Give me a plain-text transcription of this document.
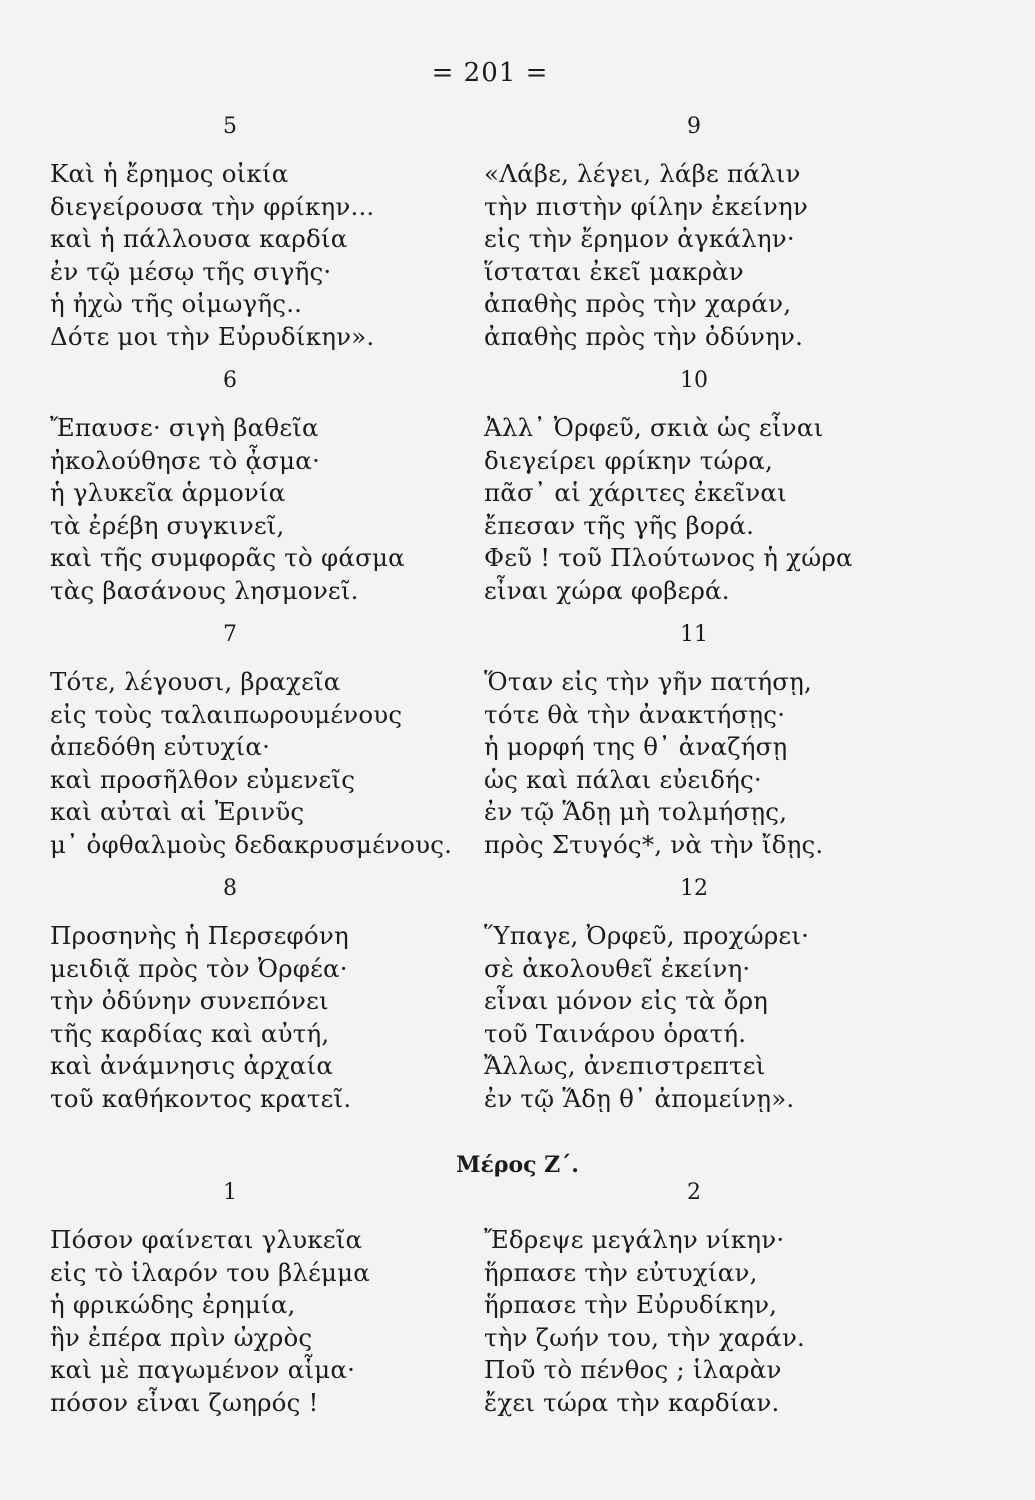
= 201 =
5
Καὶ ἡ ἔρημος οἰκία
διεγείρουσα τὴν φρίκην...
καὶ ἡ πάλλουσα καρδία
ἐν τῷ μέσῳ τῆς σιγῆς·
ἡ ἠχὼ τῆς οἰμωγῆς..
Δότε μοι τὴν Εὐρυδίκην».
9
«Λάβε, λέγει, λάβε πάλιν
τὴν πιστὴν φίλην ἐκείνην
εἰς τὴν ἔρημον ἀγκάλην·
ἵσταται ἐκεῖ μακρὰν
ἀπαθὴς πρὸς τὴν χαράν,
ἀπαθὴς πρὸς τὴν ὀδύνην.
6
Ἔπαυσε· σιγὴ βαθεῖα
ἠκολούθησε τὸ ᾆσμα·
ἡ γλυκεῖα ἁρμονία
τὰ ἐρέβη συγκινεῖ,
καὶ τῆς συμφορᾶς τὸ φάσμα
τὰς βασάνους λησμονεῖ.
10
Ἀλλ᾽ Ὀρφεῦ, σκιὰ ὡς εἶναι
διεγείρει φρίκην τώρα,
πᾶσ᾽ αἱ χάριτες ἐκεῖναι
ἔπεσαν τῆς γῆς βορά.
Φεῦ ! τοῦ Πλούτωνος ἡ χώρα
εἶναι χώρα φοβερά.
7
Τότε, λέγουσι, βραχεῖα
εἰς τοὺς ταλαιπωρουμένους
ἀπεδόθη εὐτυχία·
καὶ προσῆλθον εὐμενεῖς
καὶ αὐταὶ αἱ Ἐρινῦς
μ᾽ ὀφθαλμοὺς δεδακρυσμένους.
11
Ὅταν εἰς τὴν γῆν πατήσῃ,
τότε θὰ τὴν ἀνακτήσῃς·
ἡ μορφή της θ᾽ ἀναζήσῃ
ὡς καὶ πάλαι εὐειδής·
ἐν τῷ Ἅδῃ μὴ τολμήσῃς,
πρὸς Στυγός*, νὰ τὴν ἴδῃς.
8
Προσηνὴς ἡ Περσεφόνη
μειδιᾷ πρὸς τὸν Ὀρφέα·
τὴν ὀδύνην συνεπόνει
τῆς καρδίας καὶ αὐτή,
καὶ ἀνάμνησις ἀρχαία
τοῦ καθήκοντος κρατεῖ.
12
Ὕπαγε, Ὀρφεῦ, προχώρει·
σὲ ἀκολουθεῖ ἐκείνη·
εἶναι μόνον εἰς τὰ ὄρη
τοῦ Ταινάρου ὁρατή.
Ἄλλως, ἀνεπιστρεπτεὶ
ἐν τῷ Ἅδῃ θ᾽ ἀπομείνῃ».
Μέρος Ζ΄.
1
Πόσον φαίνεται γλυκεῖα
εἰς τὸ ἱλαρόν του βλέμμα
ἡ φρικώδης ἐρημία,
ἣν ἐπέρα πρὶν ὠχρὸς
καὶ μὲ παγωμένον αἷμα·
πόσον εἶναι ζωηρός !
2
Ἔδρεψε μεγάλην νίκην·
ἥρπασε τὴν εὐτυχίαν,
ἥρπασε τὴν Εὐρυδίκην,
τὴν ζωήν του, τὴν χαράν.
Ποῦ τὸ πένθος ; ἱλαρὰν
ἔχει τώρα τὴν καρδίαν.
